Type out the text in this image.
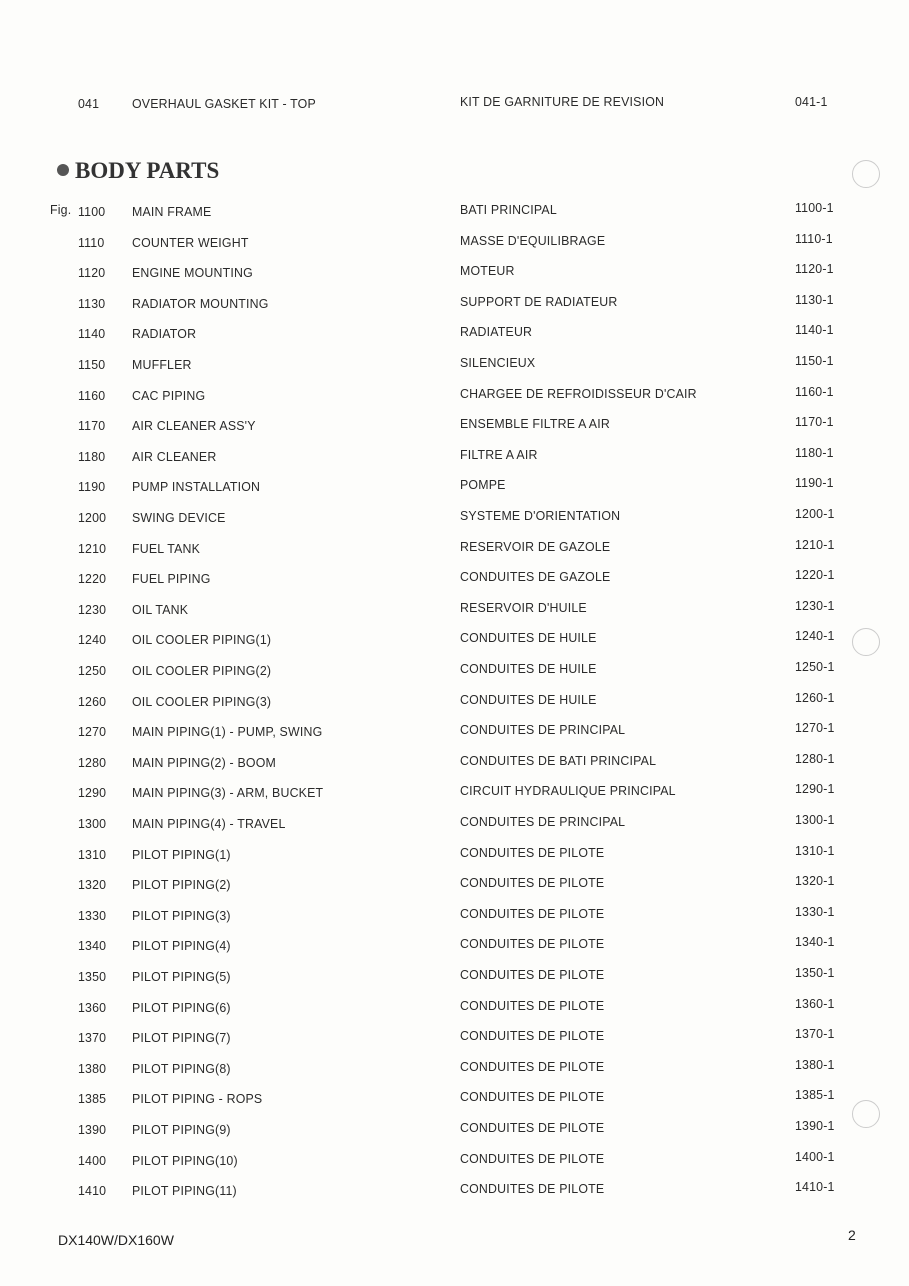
041	OVERHAUL GASKET KIT - TOP	KIT DE GARNITURE DE REVISION	041-1
BODY PARTS
Fig. 1100 MAIN FRAME	BATI PRINCIPAL	1100-1
1110 COUNTER WEIGHT	MASSE D'EQUILIBRAGE	1110-1
1120 ENGINE MOUNTING	MOTEUR	1120-1
1130 RADIATOR MOUNTING	SUPPORT DE RADIATEUR	1130-1
1140 RADIATOR	RADIATEUR	1140-1
1150 MUFFLER	SILENCIEUX	1150-1
1160 CAC PIPING	CHARGEE DE REFROIDISSEUR D'CAIR	1160-1
1170 AIR CLEANER ASS'Y	ENSEMBLE FILTRE A AIR	1170-1
1180 AIR CLEANER	FILTRE A AIR	1180-1
1190 PUMP INSTALLATION	POMPE	1190-1
1200 SWING DEVICE	SYSTEME D'ORIENTATION	1200-1
1210 FUEL TANK	RESERVOIR DE GAZOLE	1210-1
1220 FUEL PIPING	CONDUITES DE GAZOLE	1220-1
1230 OIL TANK	RESERVOIR D'HUILE	1230-1
1240 OIL COOLER PIPING(1)	CONDUITES DE HUILE	1240-1
1250 OIL COOLER PIPING(2)	CONDUITES DE HUILE	1250-1
1260 OIL COOLER PIPING(3)	CONDUITES DE HUILE	1260-1
1270 MAIN PIPING(1) - PUMP, SWING	CONDUITES DE PRINCIPAL	1270-1
1280 MAIN PIPING(2) - BOOM	CONDUITES DE BATI PRINCIPAL	1280-1
1290 MAIN PIPING(3) - ARM, BUCKET	CIRCUIT HYDRAULIQUE PRINCIPAL	1290-1
1300 MAIN PIPING(4) - TRAVEL	CONDUITES DE PRINCIPAL	1300-1
1310 PILOT PIPING(1)	CONDUITES DE PILOTE	1310-1
1320 PILOT PIPING(2)	CONDUITES DE PILOTE	1320-1
1330 PILOT PIPING(3)	CONDUITES DE PILOTE	1330-1
1340 PILOT PIPING(4)	CONDUITES DE PILOTE	1340-1
1350 PILOT PIPING(5)	CONDUITES DE PILOTE	1350-1
1360 PILOT PIPING(6)	CONDUITES DE PILOTE	1360-1
1370 PILOT PIPING(7)	CONDUITES DE PILOTE	1370-1
1380 PILOT PIPING(8)	CONDUITES DE PILOTE	1380-1
1385 PILOT PIPING - ROPS	CONDUITES DE PILOTE	1385-1
1390 PILOT PIPING(9)	CONDUITES DE PILOTE	1390-1
1400 PILOT PIPING(10)	CONDUITES DE PILOTE	1400-1
1410 PILOT PIPING(11)	CONDUITES DE PILOTE	1410-1
DX140W/DX160W	2
